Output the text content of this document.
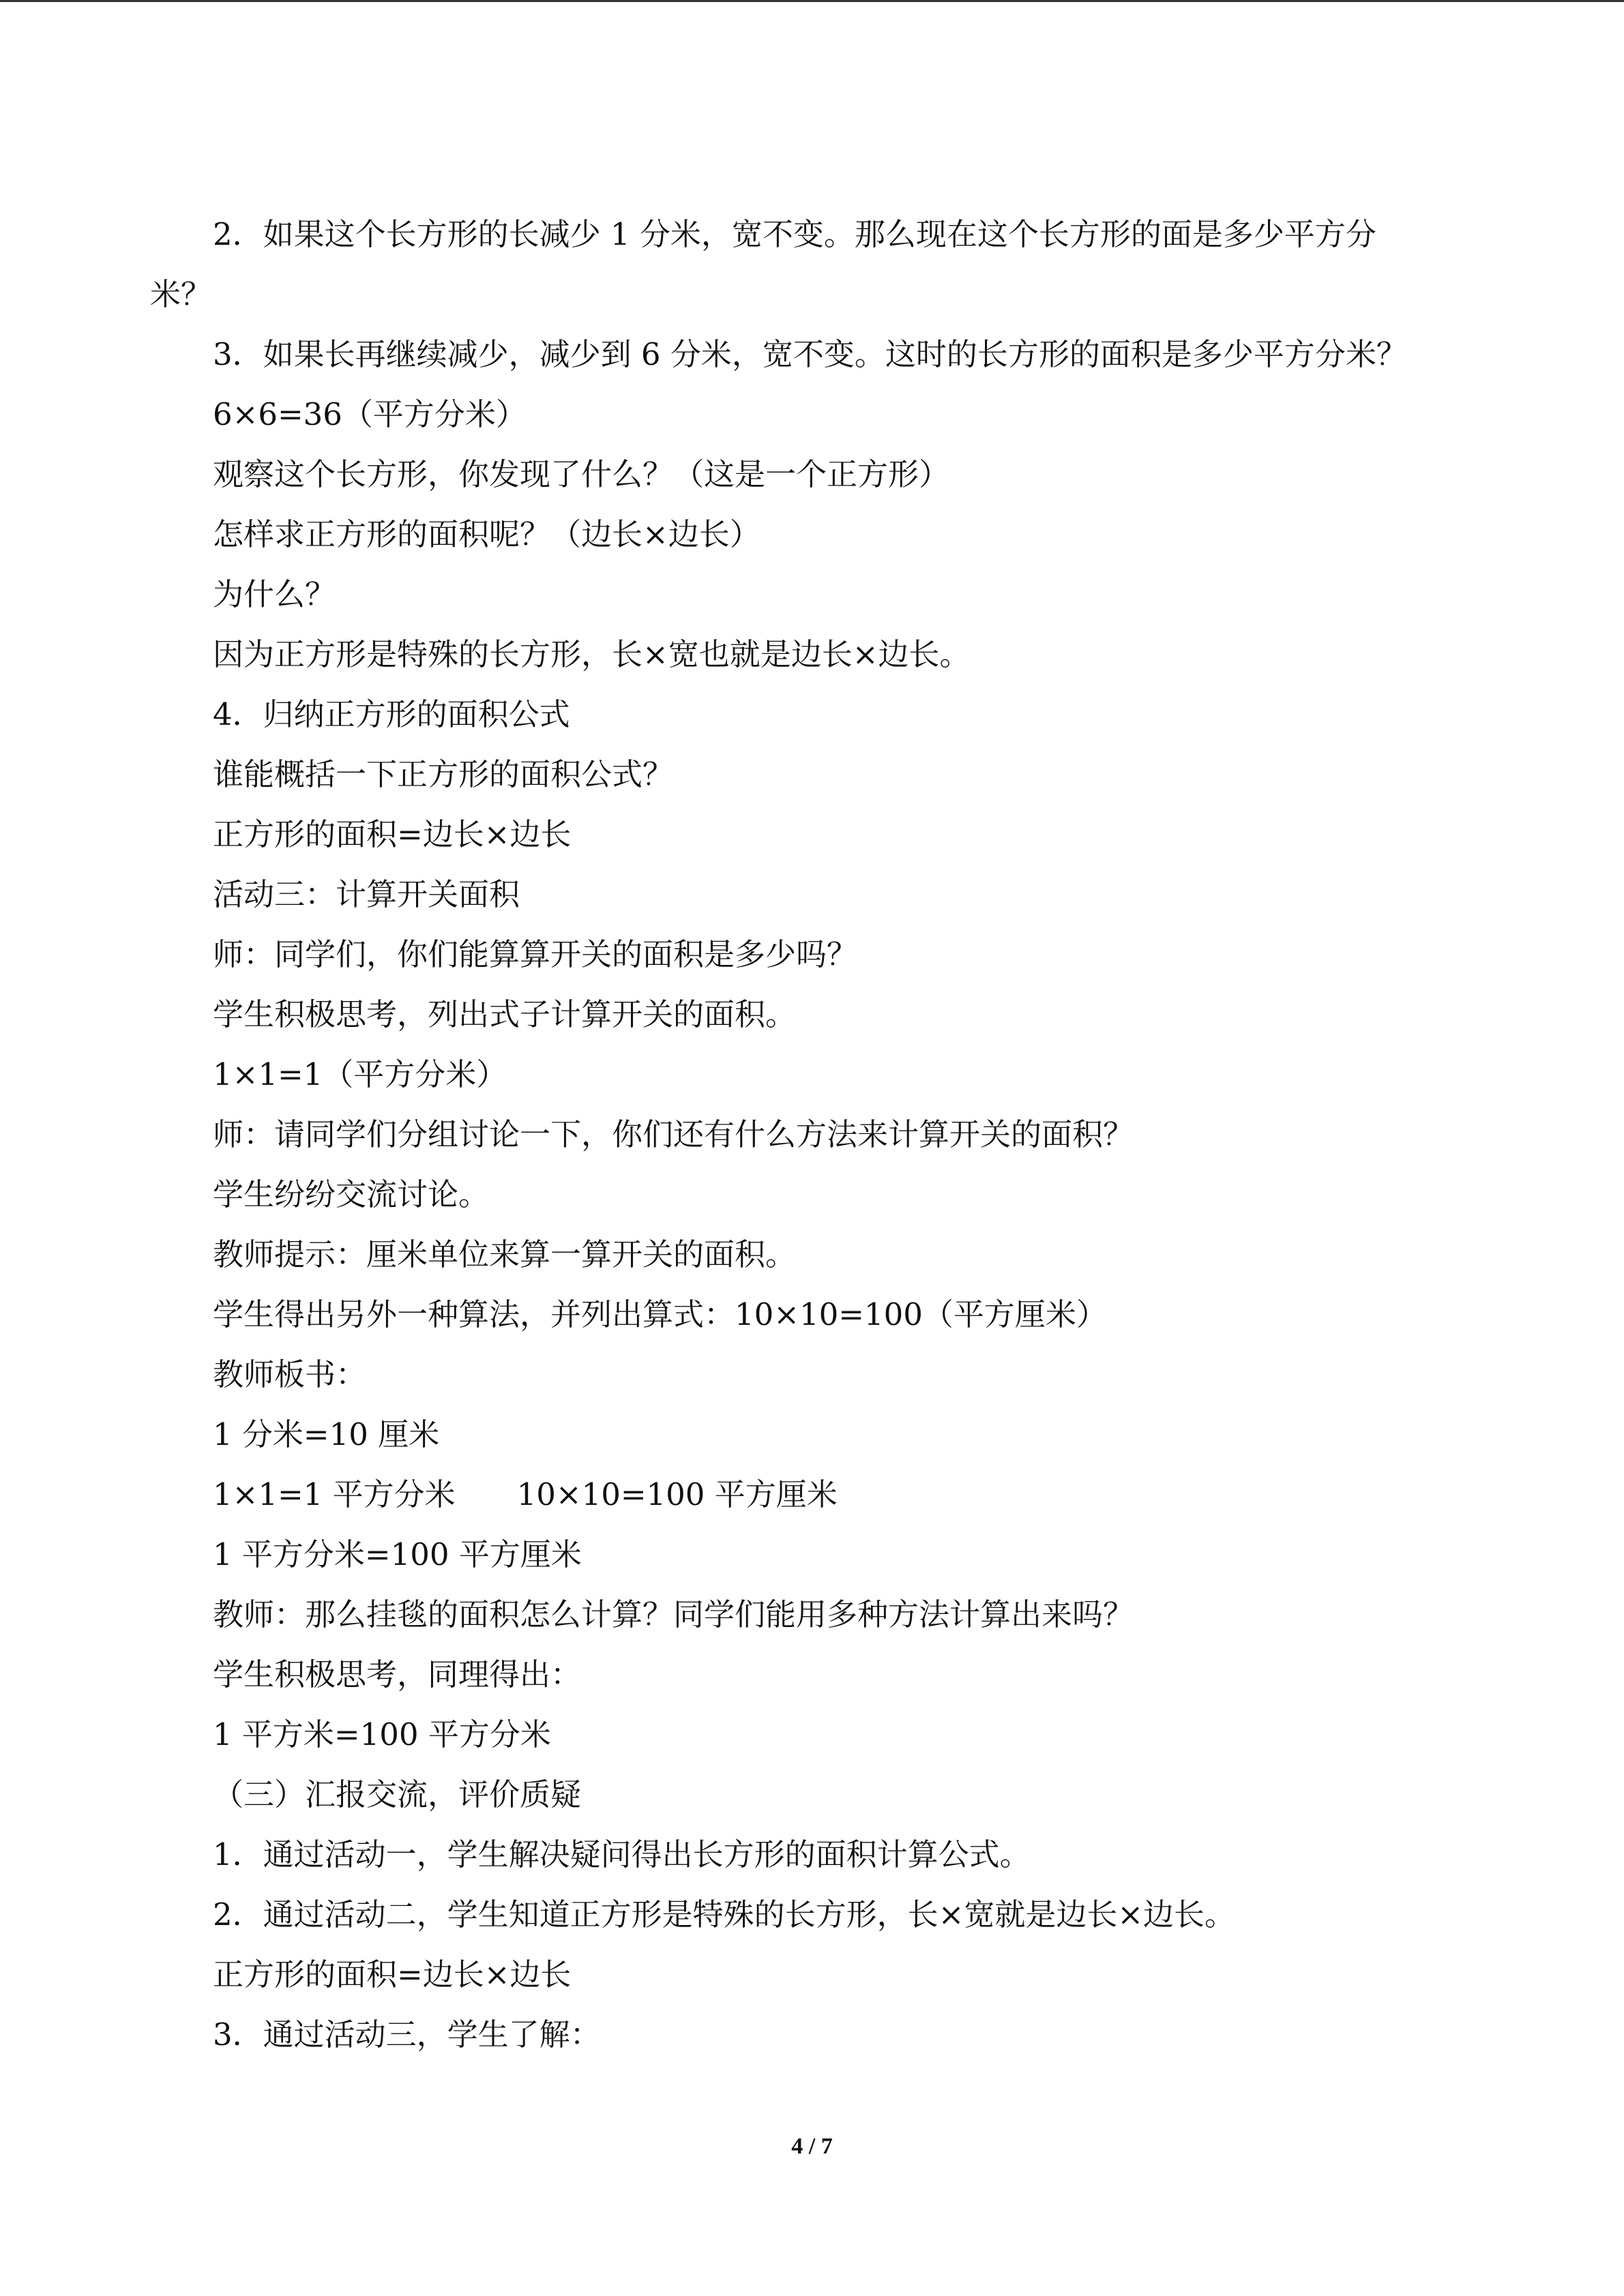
2．如果这个长方形的长减少 1 分米，宽不变。那么现在这个长方形的面是多少平方分
米？
3．如果长再继续减少，减少到 6 分米，宽不变。这时的长方形的面积是多少平方分米？
6×6=36（平方分米）
观察这个长方形，你发现了什么？（这是一个正方形）
怎样求正方形的面积呢？（边长×边长）
为什么？
因为正方形是特殊的长方形，长×宽也就是边长×边长。
4．归纳正方形的面积公式
谁能概括一下正方形的面积公式？
正方形的面积=边长×边长
活动三：计算开关面积
师：同学们，你们能算算开关的面积是多少吗？
学生积极思考，列出式子计算开关的面积。
1×1=1（平方分米）
师：请同学们分组讨论一下，你们还有什么方法来计算开关的面积？
学生纷纷交流讨论。
教师提示：厘米单位来算一算开关的面积。
学生得出另外一种算法，并列出算式：10×10=100（平方厘米）
教师板书：
1 分米=10 厘米
1×1=1 平方分米 10×10=100 平方厘米
1 平方分米=100 平方厘米
教师：那么挂毯的面积怎么计算？同学们能用多种方法计算出来吗？
学生积极思考，同理得出：
1 平方米=100 平方分米
（三）汇报交流，评价质疑
1．通过活动一，学生解决疑问得出长方形的面积计算公式。
2．通过活动二，学生知道正方形是特殊的长方形，长×宽就是边长×边长。
正方形的面积=边长×边长
3．通过活动三，学生了解：
4 / 7
